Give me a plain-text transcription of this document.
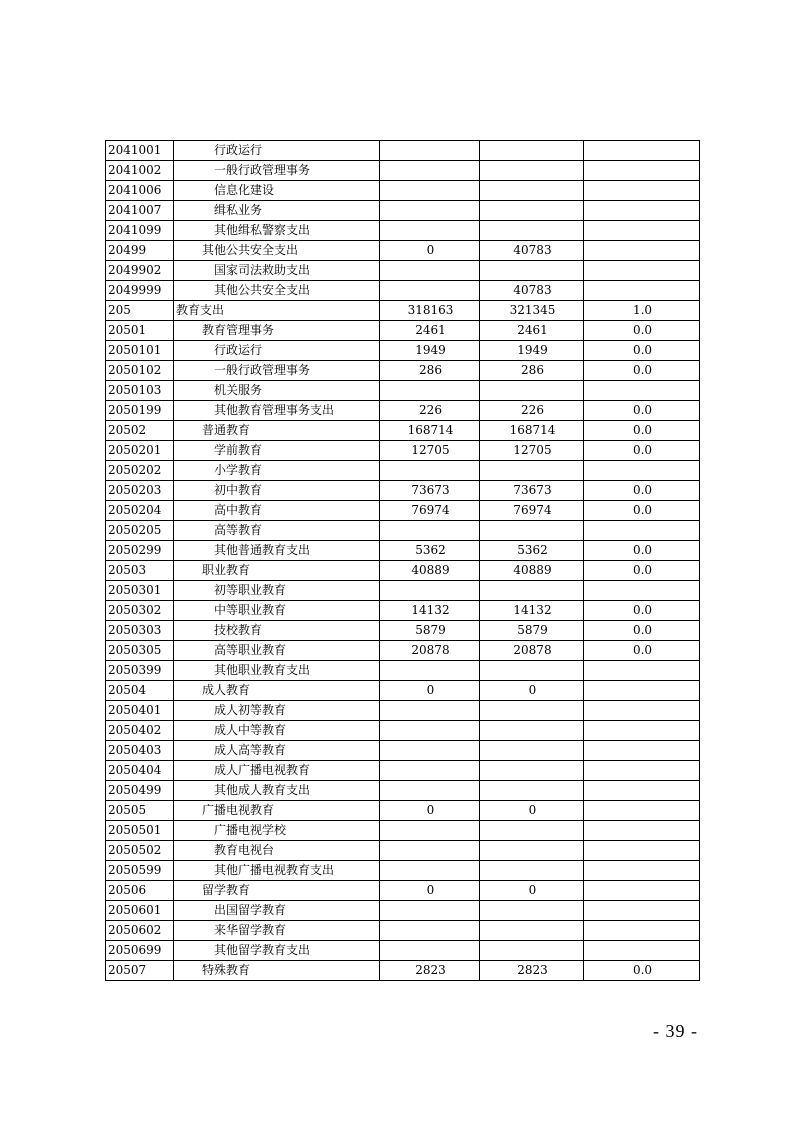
2041001	行政运行			
2041002	一般行政管理事务			
2041006	信息化建设			
2041007	缉私业务			
2041099	其他缉私警察支出			
20499	其他公共安全支出	0	40783	
2049902	国家司法救助支出			
2049999	其他公共安全支出		40783	
205	教育支出	318163	321345	1.0
20501	教育管理事务	2461	2461	0.0
2050101	行政运行	1949	1949	0.0
2050102	一般行政管理事务	286	286	0.0
2050103	机关服务			
2050199	其他教育管理事务支出	226	226	0.0
20502	普通教育	168714	168714	0.0
2050201	学前教育	12705	12705	0.0
2050202	小学教育			
2050203	初中教育	73673	73673	0.0
2050204	高中教育	76974	76974	0.0
2050205	高等教育			
2050299	其他普通教育支出	5362	5362	0.0
20503	职业教育	40889	40889	0.0
2050301	初等职业教育			
2050302	中等职业教育	14132	14132	0.0
2050303	技校教育	5879	5879	0.0
2050305	高等职业教育	20878	20878	0.0
2050399	其他职业教育支出			
20504	成人教育	0	0	
2050401	成人初等教育			
2050402	成人中等教育			
2050403	成人高等教育			
2050404	成人广播电视教育			
2050499	其他成人教育支出			
20505	广播电视教育	0	0	
2050501	广播电视学校			
2050502	教育电视台			
2050599	其他广播电视教育支出			
20506	留学教育	0	0	
2050601	出国留学教育			
2050602	来华留学教育			
2050699	其他留学教育支出			
20507	特殊教育	2823	2823	0.0
- 39 -
